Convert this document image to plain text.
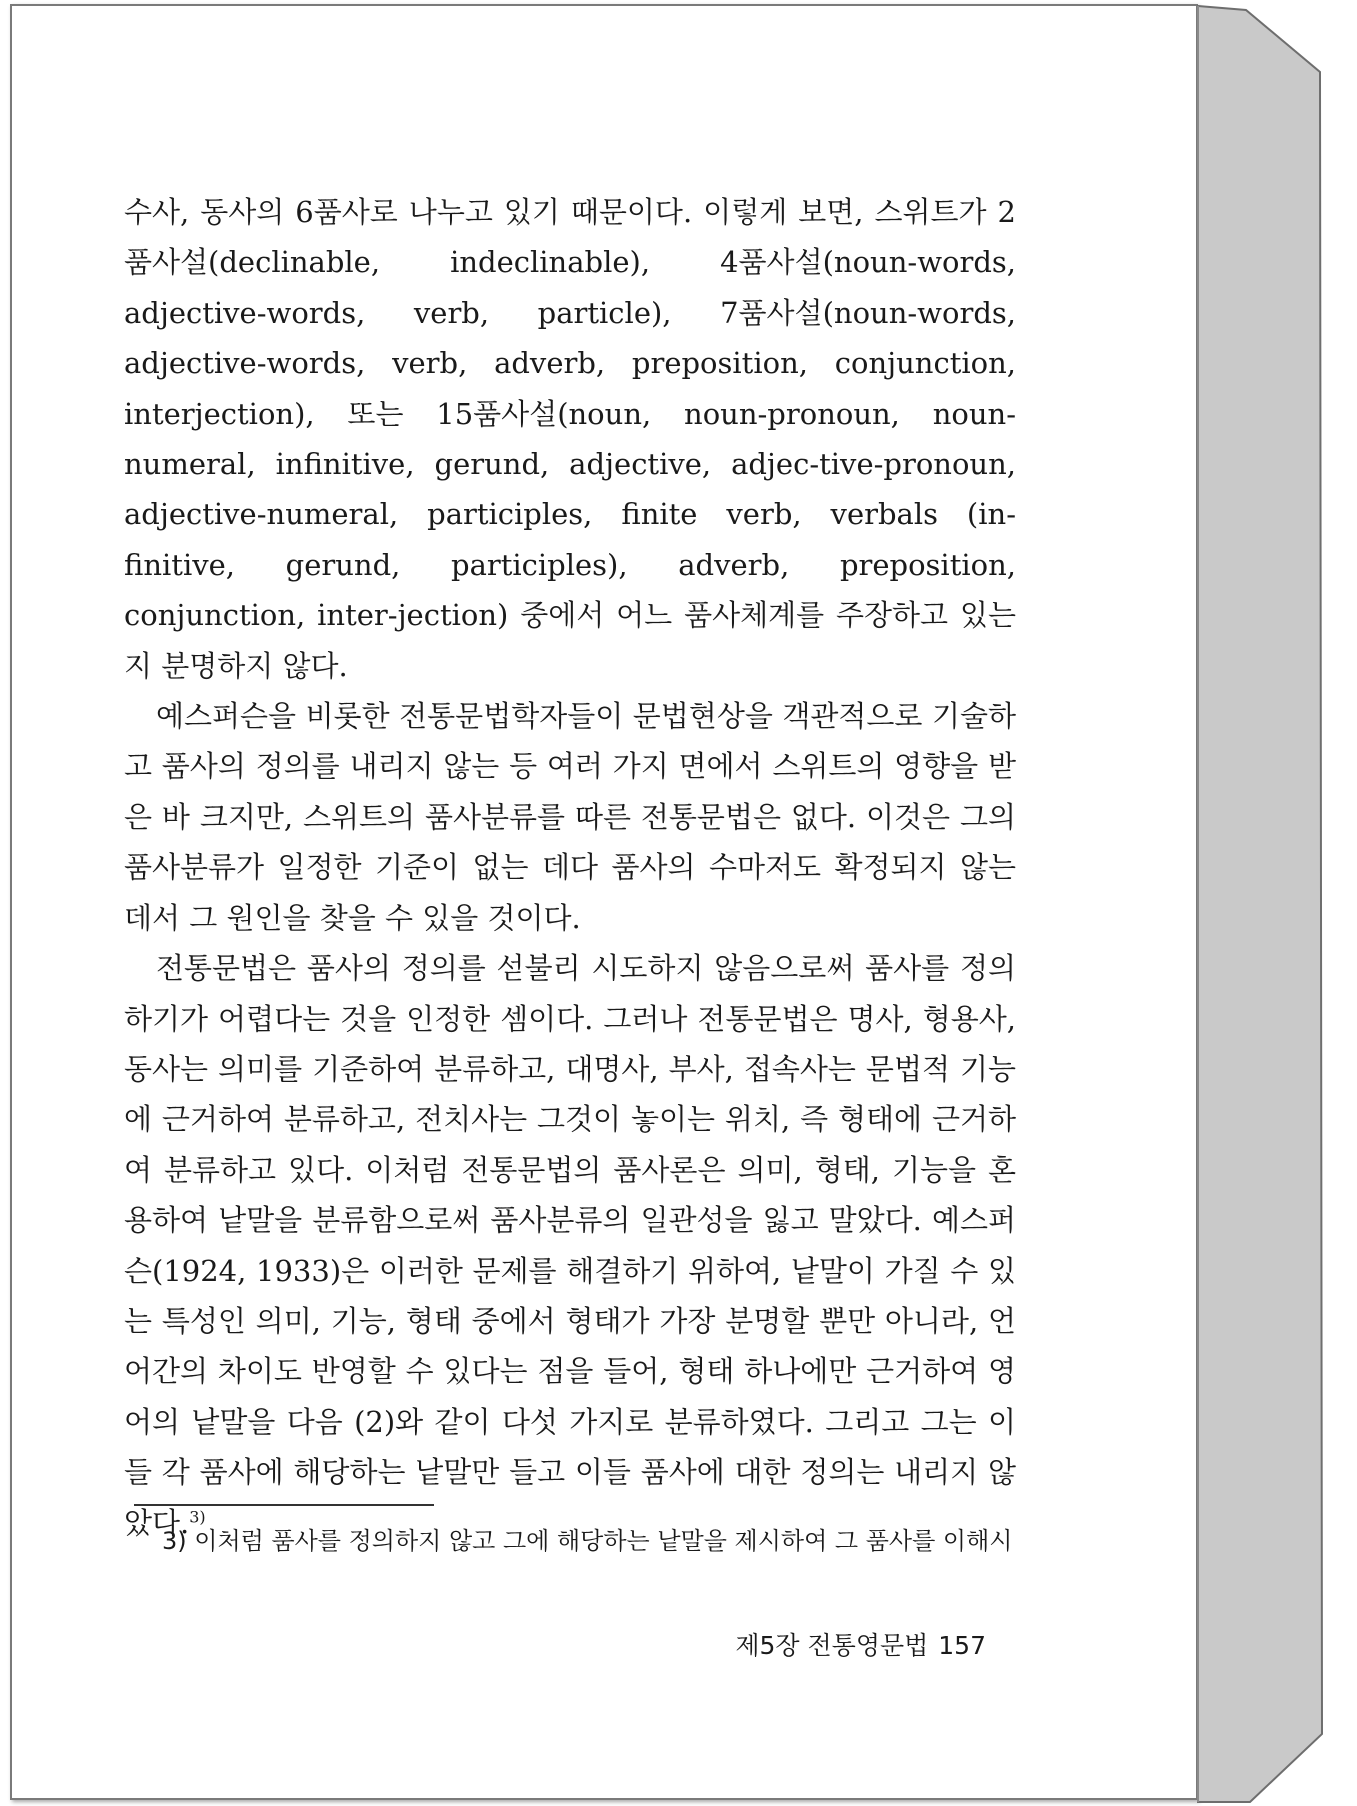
수사, 동사의 6품사로 나누고 있기 때문이다. 이렇게 보면, 스위트가 2품사설(declinable, indeclinable), 4품사설(noun-words, adjective-words, verb, particle), 7품사설(noun-words, adjective-words, verb, adverb, preposition, conjunction, interjection), 또는 15품사설(noun, noun-pronoun, noun-numeral, infinitive, gerund, adjective, adjec-tive-pronoun, adjective-numeral, participles, finite verb, verbals (in-finitive, gerund, participles), adverb, preposition, conjunction, inter-jection) 중에서 어느 품사체계를 주장하고 있는지 분명하지 않다.

예스퍼슨을 비롯한 전통문법학자들이 문법현상을 객관적으로 기술하고 품사의 정의를 내리지 않는 등 여러 가지 면에서 스위트의 영향을 받은 바 크지만, 스위트의 품사분류를 따른 전통문법은 없다. 이것은 그의 품사분류가 일정한 기준이 없는 데다 품사의 수마저도 확정되지 않는 데서 그 원인을 찾을 수 있을 것이다.

전통문법은 품사의 정의를 섣불리 시도하지 않음으로써 품사를 정의하기가 어렵다는 것을 인정한 셈이다. 그러나 전통문법은 명사, 형용사, 동사는 의미를 기준하여 분류하고, 대명사, 부사, 접속사는 문법적 기능에 근거하여 분류하고, 전치사는 그것이 놓이는 위치, 즉 형태에 근거하여 분류하고 있다. 이처럼 전통문법의 품사론은 의미, 형태, 기능을 혼용하여 낱말을 분류함으로써 품사분류의 일관성을 잃고 말았다. 예스퍼슨(1924, 1933)은 이러한 문제를 해결하기 위하여, 낱말이 가질 수 있는 특성인 의미, 기능, 형태 중에서 형태가 가장 분명할 뿐만 아니라, 언어간의 차이도 반영할 수 있다는 점을 들어, 형태 하나에만 근거하여 영어의 낱말을 다음 (2)와 같이 다섯 가지로 분류하였다. 그리고 그는 이들 각 품사에 해당하는 낱말만 들고 이들 품사에 대한 정의는 내리지 않았다.$^{3)}$

3) 이처럼 품사를 정의하지 않고 그에 해당하는 낱말을 제시하여 그 품사를 이해시
제5장 전통영문법 157
